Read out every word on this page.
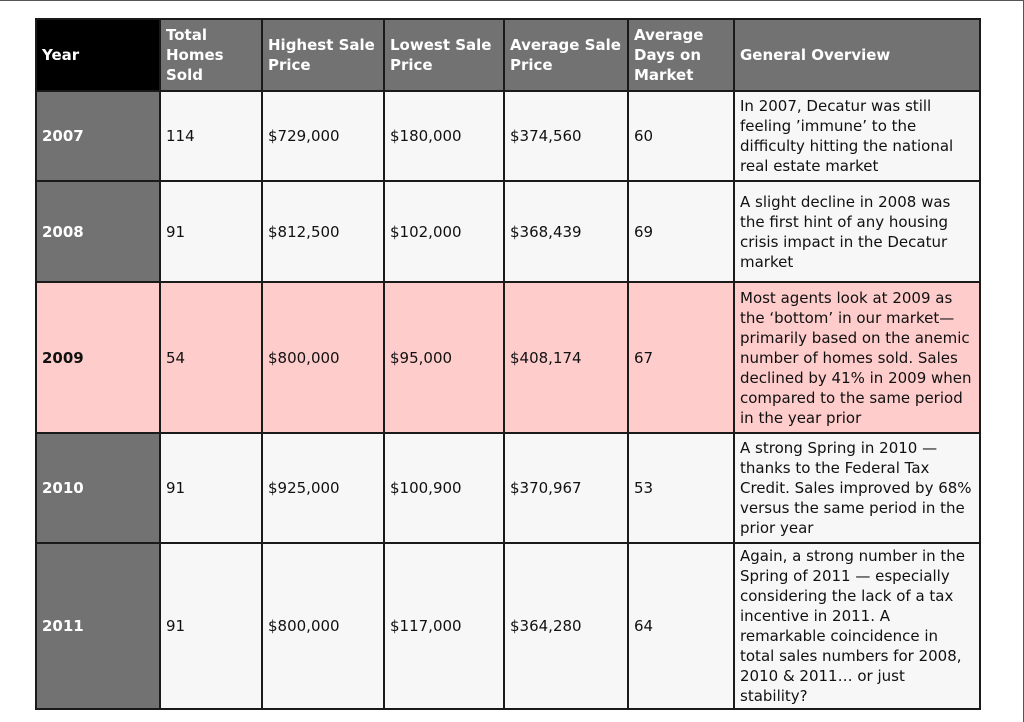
Year	Total Homes Sold	Highest Sale Price	Lowest Sale Price	Average Sale Price	Average Days on Market	General Overview
2007	114	$729,000	$180,000	$374,560	60	In 2007, Decatur was still feeling ’immune’ to the difficulty hitting the national real estate market
2008	91	$812,500	$102,000	$368,439	69	A slight decline in 2008 was the first hint of any housing crisis impact in the Decatur market
2009	54	$800,000	$95,000	$408,174	67	Most agents look at 2009 as the ‘bottom’ in our market—primarily based on the anemic number of homes sold. Sales declined by 41% in 2009 when compared to the same period in the year prior
2010	91	$925,000	$100,900	$370,967	53	A strong Spring in 2010 — thanks to the Federal Tax Credit. Sales improved by 68% versus the same period in the prior year
2011	91	$800,000	$117,000	$364,280	64	Again, a strong number in the Spring of 2011 — especially considering the lack of a tax incentive in 2011. A remarkable coincidence in total sales numbers for 2008, 2010 & 2011… or just stability?
